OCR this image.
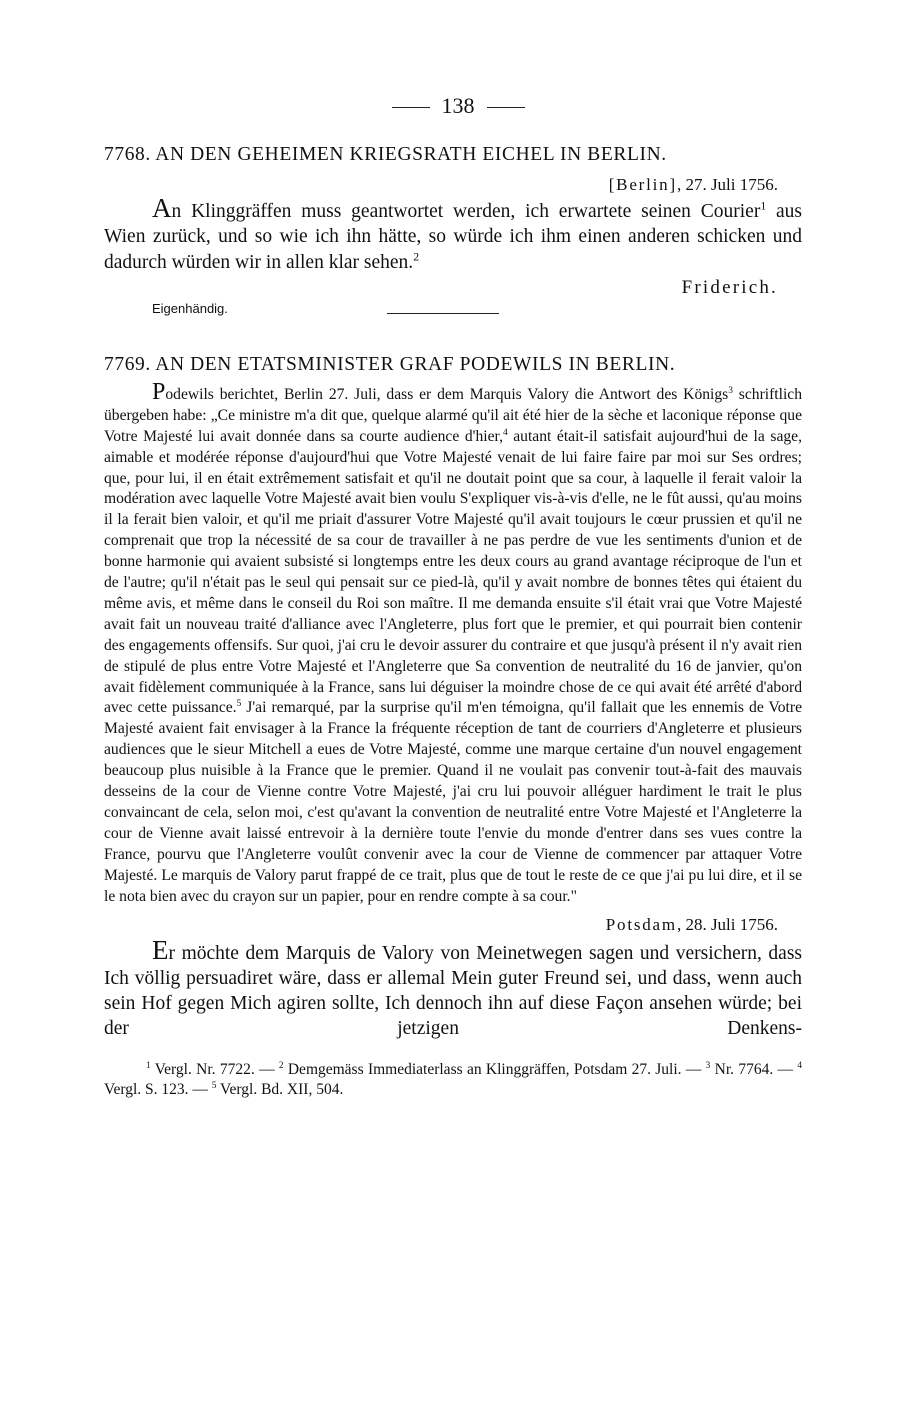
138
7768. AN DEN GEHEIMEN KRIEGSRATH EICHEL IN BERLIN.
[Berlin], 27. Juli 1756.

An Klinggräffen muss geantwortet werden, ich erwartete seinen Courier$^1$ aus Wien zurück, und so wie ich ihn hätte, so würde ich ihm einen anderen schicken und dadurch würden wir in allen klar sehen.$^2$

Friderich.
Eigenhändig.
7769. AN DEN ETATSMINISTER GRAF PODEWILS IN BERLIN.

Podewils berichtet, Berlin 27. Juli, dass er dem Marquis Valory die Antwort des Königs$^3$ schriftlich übergeben habe: „Ce ministre m'a dit que, quelque alarmé qu'il ait été hier de la sèche et laconique réponse que Votre Majesté lui avait donnée dans sa courte audience d'hier,$^4$ autant était-il satisfait aujourd'hui de la sage, aimable et modérée réponse d'aujourd'hui que Votre Majesté venait de lui faire faire par moi sur Ses ordres; que, pour lui, il en était extrêmement satisfait et qu'il ne doutait point que sa cour, à laquelle il ferait valoir la modération avec laquelle Votre Majesté avait bien voulu S'expliquer vis-à-vis d'elle, ne le fût aussi, qu'au moins il la ferait bien valoir, et qu'il me priait d'assurer Votre Majesté qu'il avait toujours le cœur prussien et qu'il ne comprenait que trop la nécessité de sa cour de travailler à ne pas perdre de vue les sentiments d'union et de bonne harmonie qui avaient subsisté si longtemps entre les deux cours au grand avantage réciproque de l'un et de l'autre; qu'il n'était pas le seul qui pensait sur ce pied-là, qu'il y avait nombre de bonnes têtes qui étaient du même avis, et même dans le conseil du Roi son maître. Il me demanda ensuite s'il était vrai que Votre Majesté avait fait un nouveau traité d'alliance avec l'Angleterre, plus fort que le premier, et qui pourrait bien contenir des engagements offensifs. Sur quoi, j'ai cru le devoir assurer du contraire et que jusqu'à présent il n'y avait rien de stipulé de plus entre Votre Majesté et l'Angleterre que Sa convention de neutralité du 16 de janvier, qu'on avait fidèlement communiquée à la France, sans lui déguiser la moindre chose de ce qui avait été arrêté d'abord avec cette puissance.$^5$ J'ai remarqué, par la surprise qu'il m'en témoigna, qu'il fallait que les ennemis de Votre Majesté avaient fait envisager à la France la fréquente réception de tant de courriers d'Angleterre et plusieurs audiences que le sieur Mitchell a eues de Votre Majesté, comme une marque certaine d'un nouvel engagement beaucoup plus nuisible à la France que le premier. Quand il ne voulait pas convenir tout-à-fait des mauvais desseins de la cour de Vienne contre Votre Majesté, j'ai cru lui pouvoir alléguer hardiment le trait le plus convaincant de cela, selon moi, c'est qu'avant la convention de neutralité entre Votre Majesté et l'Angleterre la cour de Vienne avait laissé entrevoir à la dernière toute l'envie du monde d'entrer dans ses vues contre la France, pourvu que l'Angleterre voulût convenir avec la cour de Vienne de commencer par attaquer Votre Majesté. Le marquis de Valory parut frappé de ce trait, plus que de tout le reste de ce que j'ai pu lui dire, et il se le nota bien avec du crayon sur un papier, pour en rendre compte à sa cour."

Potsdam, 28. Juli 1756.

Er möchte dem Marquis de Valory von Meinetwegen sagen und versichern, dass Ich völlig persuadiret wäre, dass er allemal Mein guter Freund sei, und dass, wenn auch sein Hof gegen Mich agiren sollte, Ich dennoch ihn auf diese Façon ansehen würde; bei der jetzigen Denkens-

$^1$ Vergl. Nr. 7722. — $^2$ Demgemäss Immediaterlass an Klinggräffen, Potsdam 27. Juli. — $^3$ Nr. 7764. — $^4$ Vergl. S. 123. — $^5$ Vergl. Bd. XII, 504.
